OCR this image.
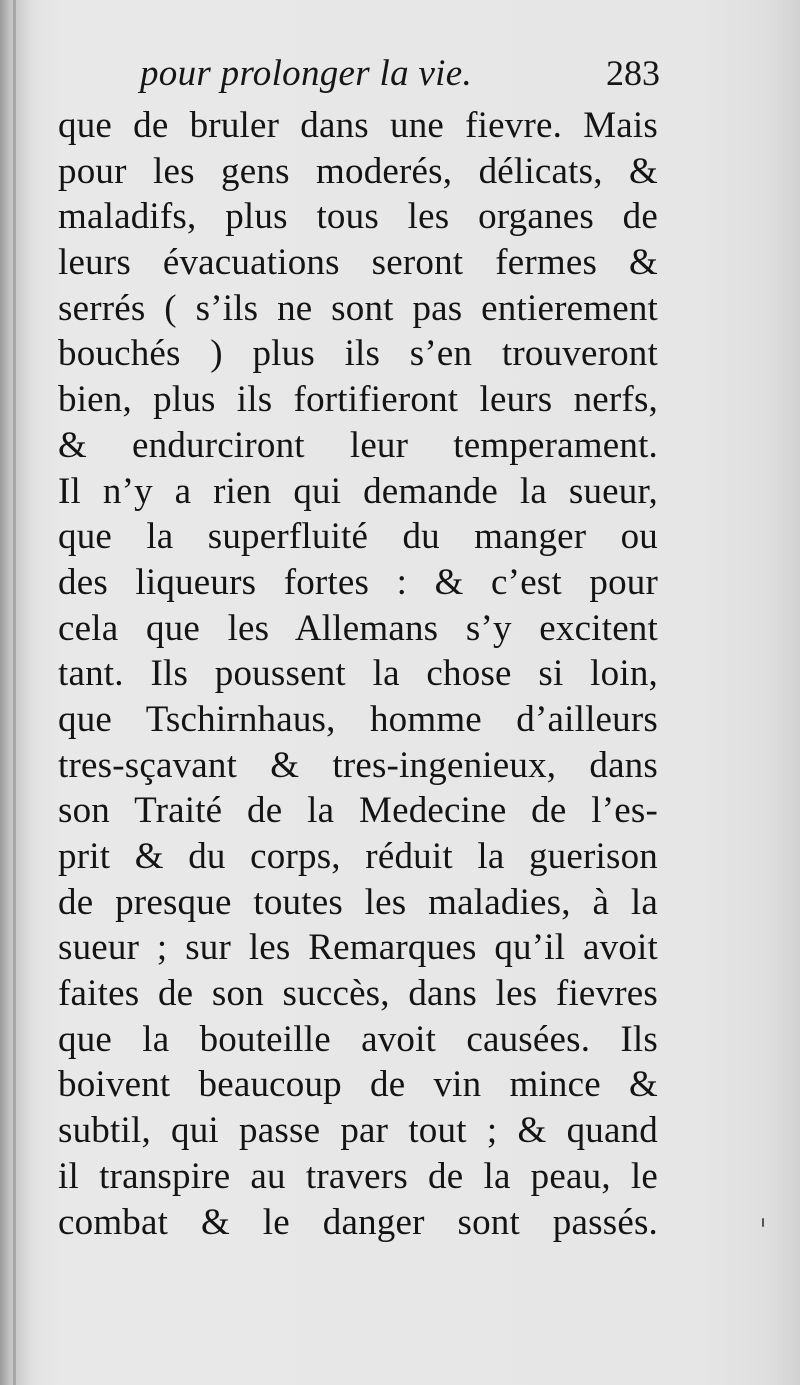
pour prolonger la vie.	283
que de bruler dans une fievre. Mais
pour les gens moderés, délicats, &
maladifs, plus tous les organes de
leurs évacuations seront fermes &
serrés ( s’ils ne sont pas entierement
bouchés ) plus ils s’en trouveront
bien, plus ils fortifieront leurs nerfs,
& endurciront leur temperament.
Il n’y a rien qui demande la sueur,
que la superfluité du manger ou
des liqueurs fortes : & c’est pour
cela que les Allemans s’y excitent
tant. Ils poussent la chose si loin,
que Tschirnhaus, homme d’ailleurs
tres-sçavant & tres-ingenieux, dans
son Traité de la Medecine de l’es-
prit & du corps, réduit la guerison
de presque toutes les maladies, à la
sueur ; sur les Remarques qu’il avoit
faites de son succès, dans les fievres
que la bouteille avoit causées. Ils
boivent beaucoup de vin mince &
subtil, qui passe par tout ; & quand
il transpire au travers de la peau, le
combat & le danger sont passés.
